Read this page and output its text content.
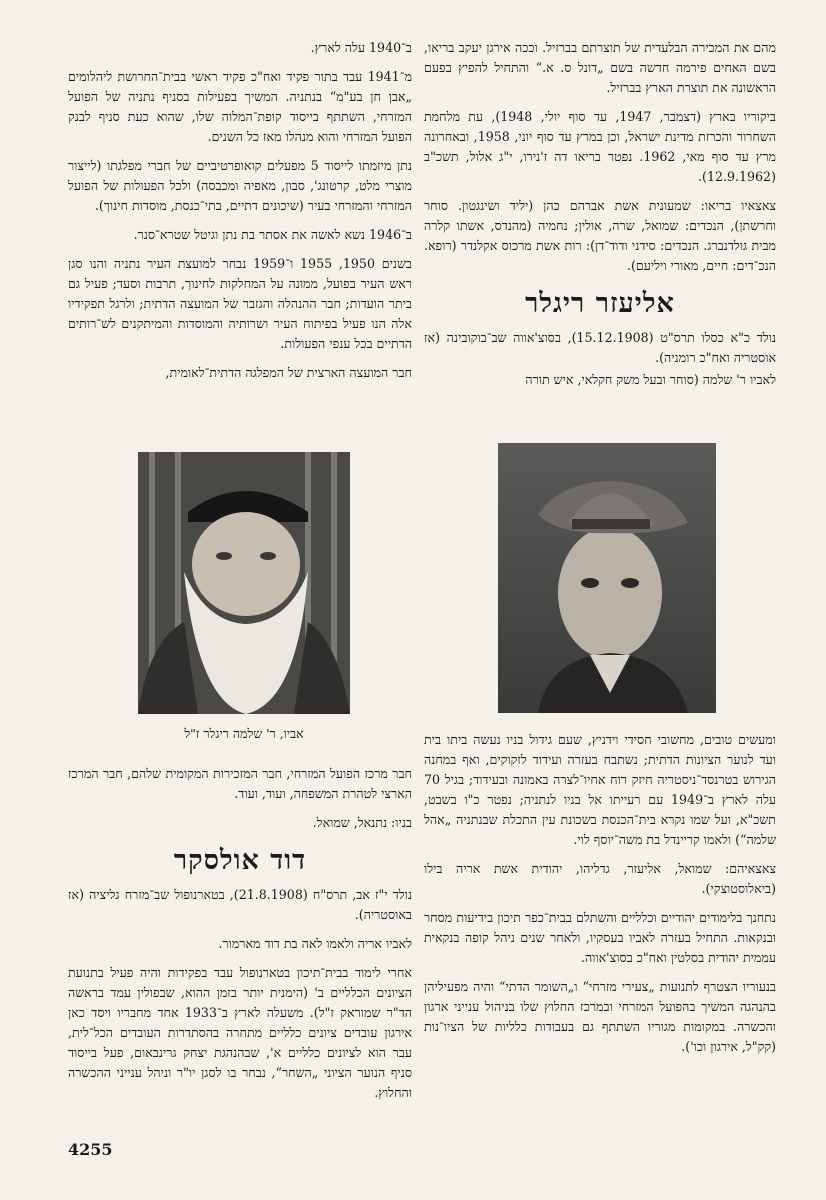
מהם את המכירה הבלעדית של תוצרתם בברזיל. וככה אירגן יעקב בריאו, בשם האחים פירמה חדשה בשם „דונל ס. א.“ והתחיל להפיץ בפעם הראשונה את תוצרת הארץ בברזיל.

ביקוריו בארץ (דצמבר, 1947, עד סוף יולי, 1948), עת מלחמת השחרור והכרזת מדינת ישראל, וכן במרץ עד סוף יוני, 1958, ובאחרונה מרץ עד סוף מאי, 1962. נפטר בריאו דה ז'נירו, י"ג אלול, תשכ"ב (12.9.1962).

צאצאיו בריאו: שמעונית אשת אברהם כהן (יליד ושינגטון. סוחר וחרשתן), הנכדים: שמואל, שרה, אולין; נחמיה (מהנדס, אשתו קלרה מבית גולדנברג. הנכדים: סידני ודוד־דן): רות אשת מרכוס אקלנדר (רופא. הנכ־דים: חיים, מאורי ויליעם).

אליעזר ריגלר

נולד כ"א כסלו תרס"ט (15.12.1908), בסוצ'אווה שב־בוקובינה (אז אוסטריה ואח"כ רומניה).

לאביו ר' שלמה (סוחר ובעל משק חקלאי, איש תורה

ומעשים טובים, מחשובי חסידי וידניץ, שעם גידול בניו נעשה ביתו בית ועד לנוער הציונות הדתית; נשתבח בעזרה ועידוד לזקוקים, ואף במחנה הגירוש בטרנסד־ניסטריה חיזק רוח אחיו־לצרה באמונה ובעידוד; בגיל 70 עלה לארץ ב־1949 עם רעייתו אל בניו לנתניה; נפטר כ"ו בשבט, תשכ"א, ועל שמו נקרא בית־הכנסת בשכונת עין התכלת שבנתניה „אהל שלמה“) ולאמו קריינדל בת משה־יוסף לוי.

צאצאיהם: שמואל, אליעזר, גדליהו, יהודית אשת אריה בילו (ביאלוסטוצקי).

נתחנך בלימודים יהודיים וכלליים והשתלם בבית־כפר תיכון בידיעות מסחר ובנקאות. התחיל בעזרה לאביו בעסקיו, ולאחר שנים ניהל קופה בנקאית עממית יהודית בסלטין ואח"כ בסוצ'אווה.

בנעוריו הצטרף לתנועות „צעירי מזרחי“ ו„השומר הדתי“ והיה מפעיליהן בהנהגה המשיך בהפועל המזרחי ובמרכז החלוץ שלו בניהול ענייני ארגון והכשרה. במקומות מגוריו השתתף גם בעבודות כלליות של הציו־נות (קק"ל, אירגון וכו').

ב־1940 עלה לארץ.

מ־1941 עבד בתור פקיד ואח"כ פקיד ראשי בבית־החרושת ליהלומים „אבן חן בע"מ“ בנתניה. המשיך בפעילות בסניף נתניה של הפועל המזרחי, השתתף בייסוד קופת־המלוה שלו, שהוא כעת סניף לבנק הפועל המזרחי והוא מנהלו מאז כל השנים.

נתן מיזמתו לייסוד 5 מפעלים קואופרטיביים של חברי מפלגתו (לייצור מוצרי מלט, קרטונג', סבון, מאפיה ומכבסה) ולכל הפעולות של הפועל המזרחי והמזרחי בעיר (שיכונים דתיים, בתי־כנסת, מוסדות חינוך).

ב־1946 נשא לאשה את אסתר בת נתן וגיטל שטרא־סנר.

בשנים 1950, 1955 ו־1959 נבחר למועצת העיר נתניה והנו סגן ראש העיר בפועל, ממונה על המחלקות לחינוך, תרבות וסעד; פעיל גם ביתר הועדות; חבר ההנהלה והגזבר של המועצה הדתית; ולרגל תפקידיו אלה הנו פעיל בפיתוח העיר ושרותיה והמוסדות והמיתקנים לש־רותים הדתיים בכל ענפי הפעולות.

חבר המועצה הארצית של המפלגה הדתית־לאומית,

אביו, ר' שלמה ריגלר ז"ל

חבר מרכז הפועל המזרחי, חבר המזכירות המקומית שלהם, חבר המרכז הארצי לטהרת המשפחה, ועוד, ועוד.

בניו: נתנאל, שמואל.

דוד אולסקר

נולד י"ז אב, תרס"ח (21.8.1908), בטארנופול שב־מזרח גליציה (אז באוסטריה).

לאביו אריה ולאמו לאה בת דוד מארמור.

אחרי לימוד בבית־תיכון בטארנופול עבד בפקידות והיה פעיל בתנועת הציונים הכלליים ב' (הימנית יותר בזמן ההוא, שבפולין עמד בראשה הד"ר שמוראק ז"ל). משעלה לארץ ב־1933 אחד מחבריו ויסד כאן אירגון עובדים ציונים כלליים מתחרה בהסתדרות העובדים הכל־לית, עבר הוא לציונים כלליים א', שבהנהגת יצחק גרינבאום, פעל בייסוד סניף הנוער הציוני „השחר“, נבחר בו לסגן יו"ר וניהל ענייני ההכשרה והחלוץ.

4255
